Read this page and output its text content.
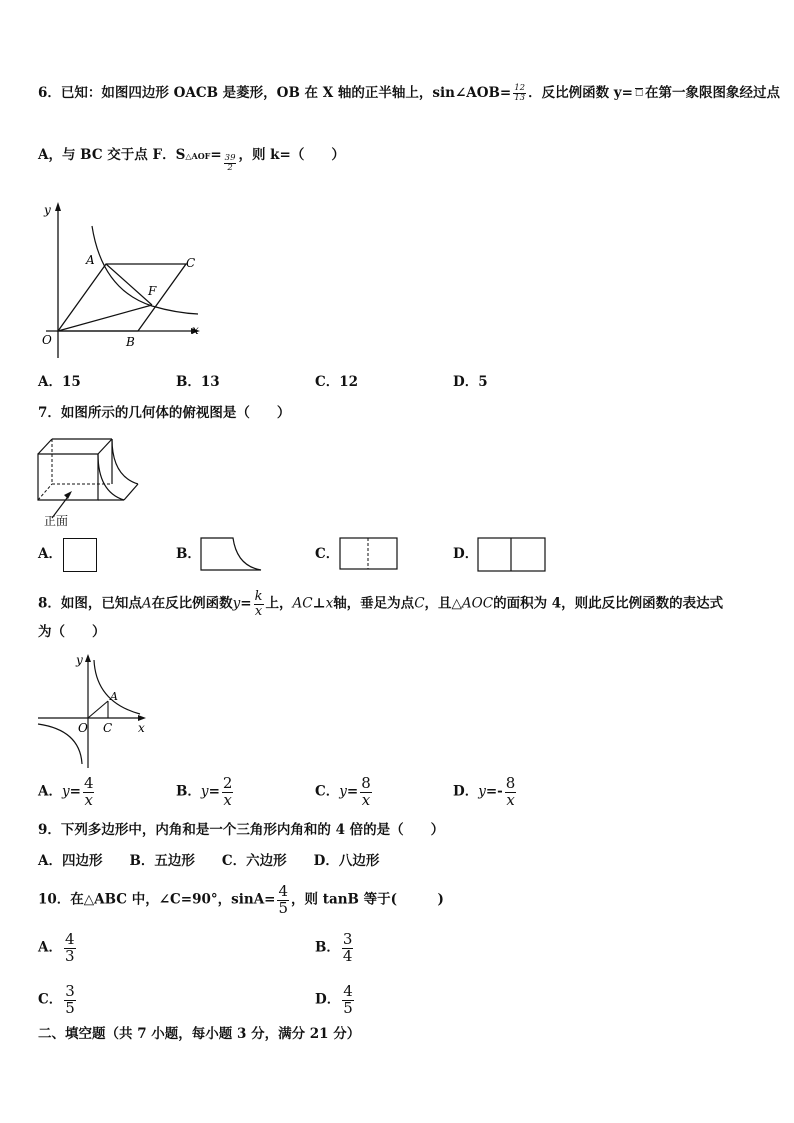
6．已知：如图四边形 OACB 是菱形，OB 在 X 轴的正半轴上，sin∠AOB= $\frac{12}{13}$ ．反比例函数 y= □ 在第一象限图象经过点
A，与 BC 交于点 F．S△AOF= $\frac{39}{2}$ ，则 k=（　　）
y
x
O
A
B
C
F
A．15	B．13	C．12	D．5
7．如图所示的几何体的俯视图是（　　）
正面
A．	B．	C．	D．
8．如图，已知点A在反比例函数$y= \frac{k}{x}$ 上，AC⊥x轴，垂足为点C，且△AOC的面积为 4，则此反比例函数的表达式
为（　　）
y
x
O
A
C
A．$y= \frac{4}{x}$	B．$y= \frac{2}{x}$	C．$y= \frac{8}{x}$	D．$y=- \frac{8}{x}$
9．下列多边形中，内角和是一个三角形内角和的 4 倍的是（　　）
A．四边形　　B．五边形　　C．六边形　　D．八边形
10．在△ABC 中，∠C=90°，$\sin A= \frac{4}{5}$ ，则 tanB 等于(　　　)
A． $\frac{4}{3}$	B． $\frac{3}{4}$
C． $\frac{3}{5}$	D． $\frac{4}{5}$
二、填空题（共 7 小题，每小题 3 分，满分 21 分）
